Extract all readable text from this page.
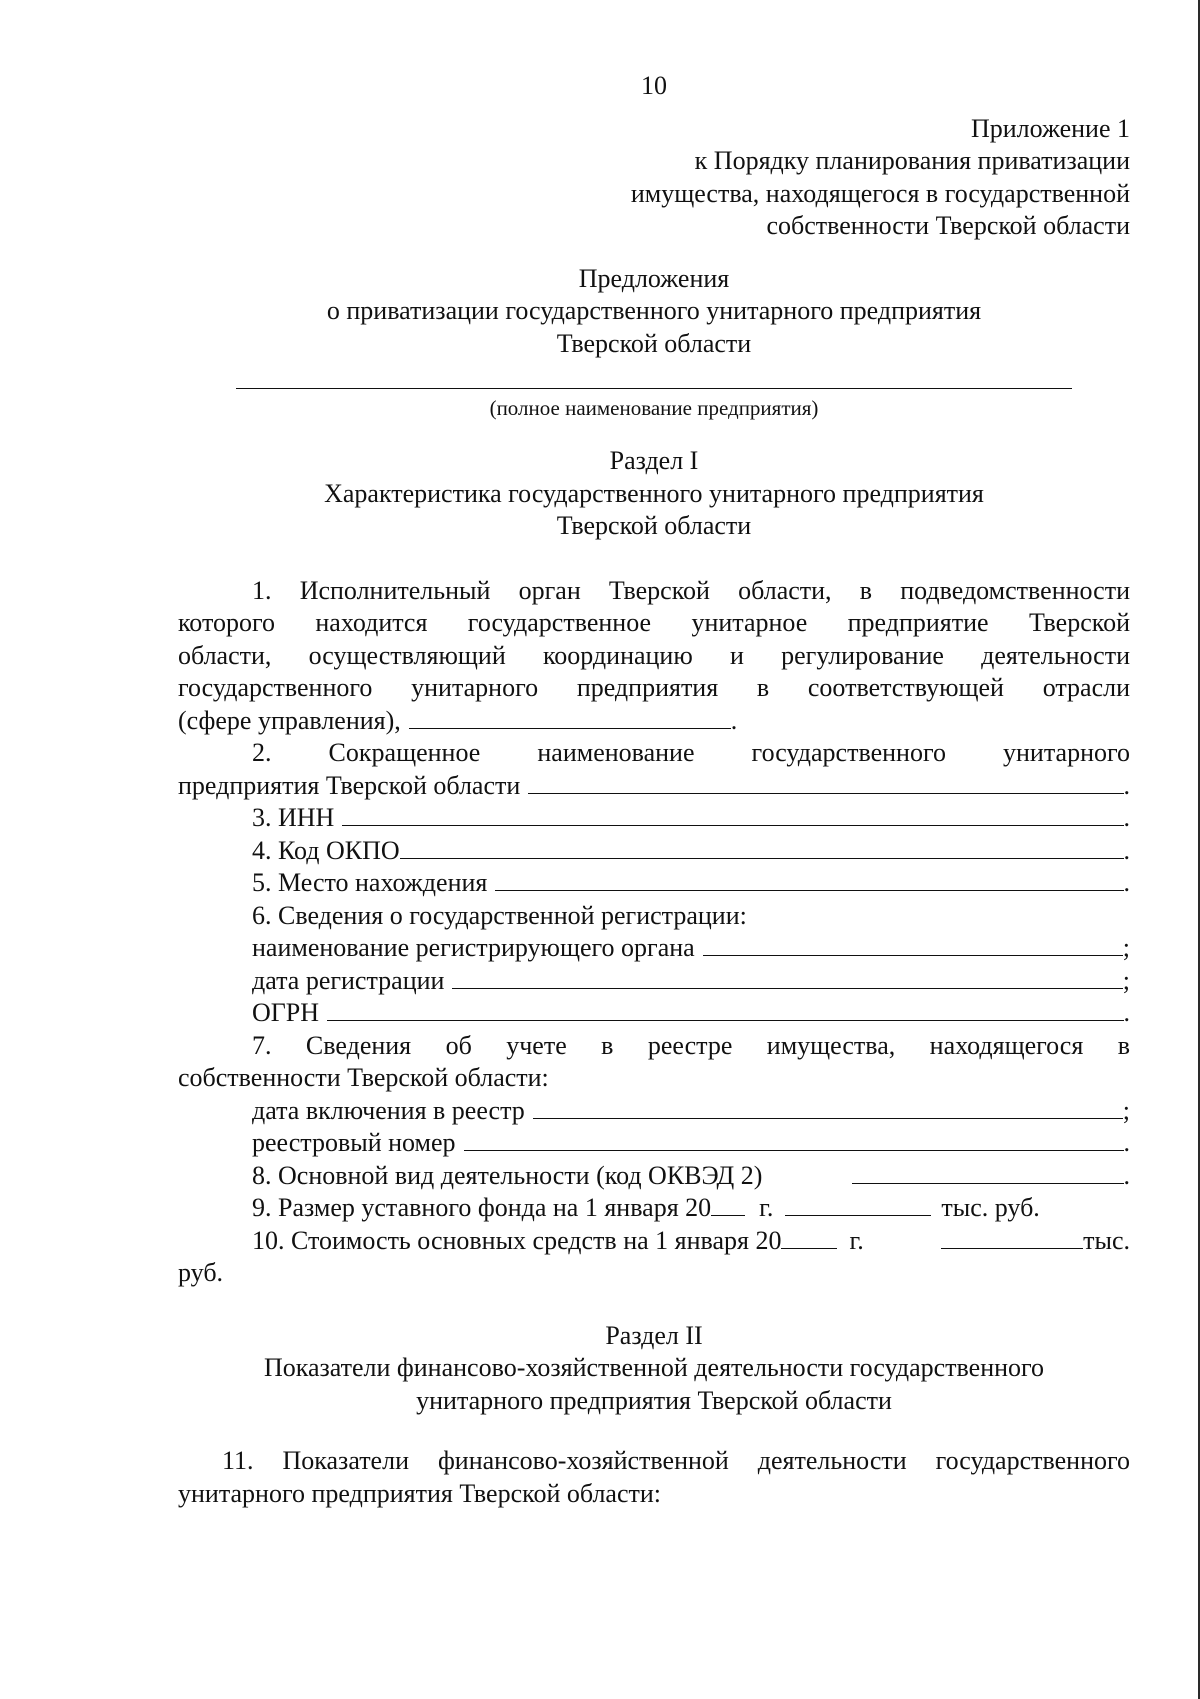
10
Приложение 1
к Порядку планирования приватизации
имущества, находящегося в государственной
собственности Тверской области
Предложения
о приватизации государственного унитарного предприятия
Тверской области
(полное наименование предприятия)
Раздел I
Характеристика государственного унитарного предприятия
Тверской области

1. Исполнительный орган Тверской области, в подведомственности

которого находится государственное унитарное предприятие Тверской

области, осуществляющий координацию и регулирование деятельности

государственного унитарного предприятия в соответствующей отрасли

(сфере управления),	.

2. Сокращенное наименование государственного унитарного

предприятия Тверской области	.
3. ИНН	.
4. Код ОКПО	.
5. Место нахождения	.

6. Сведения о государственной регистрации:

наименование регистрирующего органа	;
дата регистрации	;
ОГРН	.

7. Сведения об учете в реестре имущества, находящегося в

собственности Тверской области:

дата включения в реестр	;
реестровый номер	.
8. Основной вид деятельности (код ОКВЭД 2)	.
9. Размер уставного фонда на 1 января 20 г.	тыс. руб.
10. Стоимость основных средств на 1 января 20	г.	тыс.

руб.

Раздел II
Показатели финансово-хозяйственной деятельности государственного
унитарного предприятия Тверской области

11. Показатели финансово-хозяйственной деятельности государственного

унитарного предприятия Тверской области:
